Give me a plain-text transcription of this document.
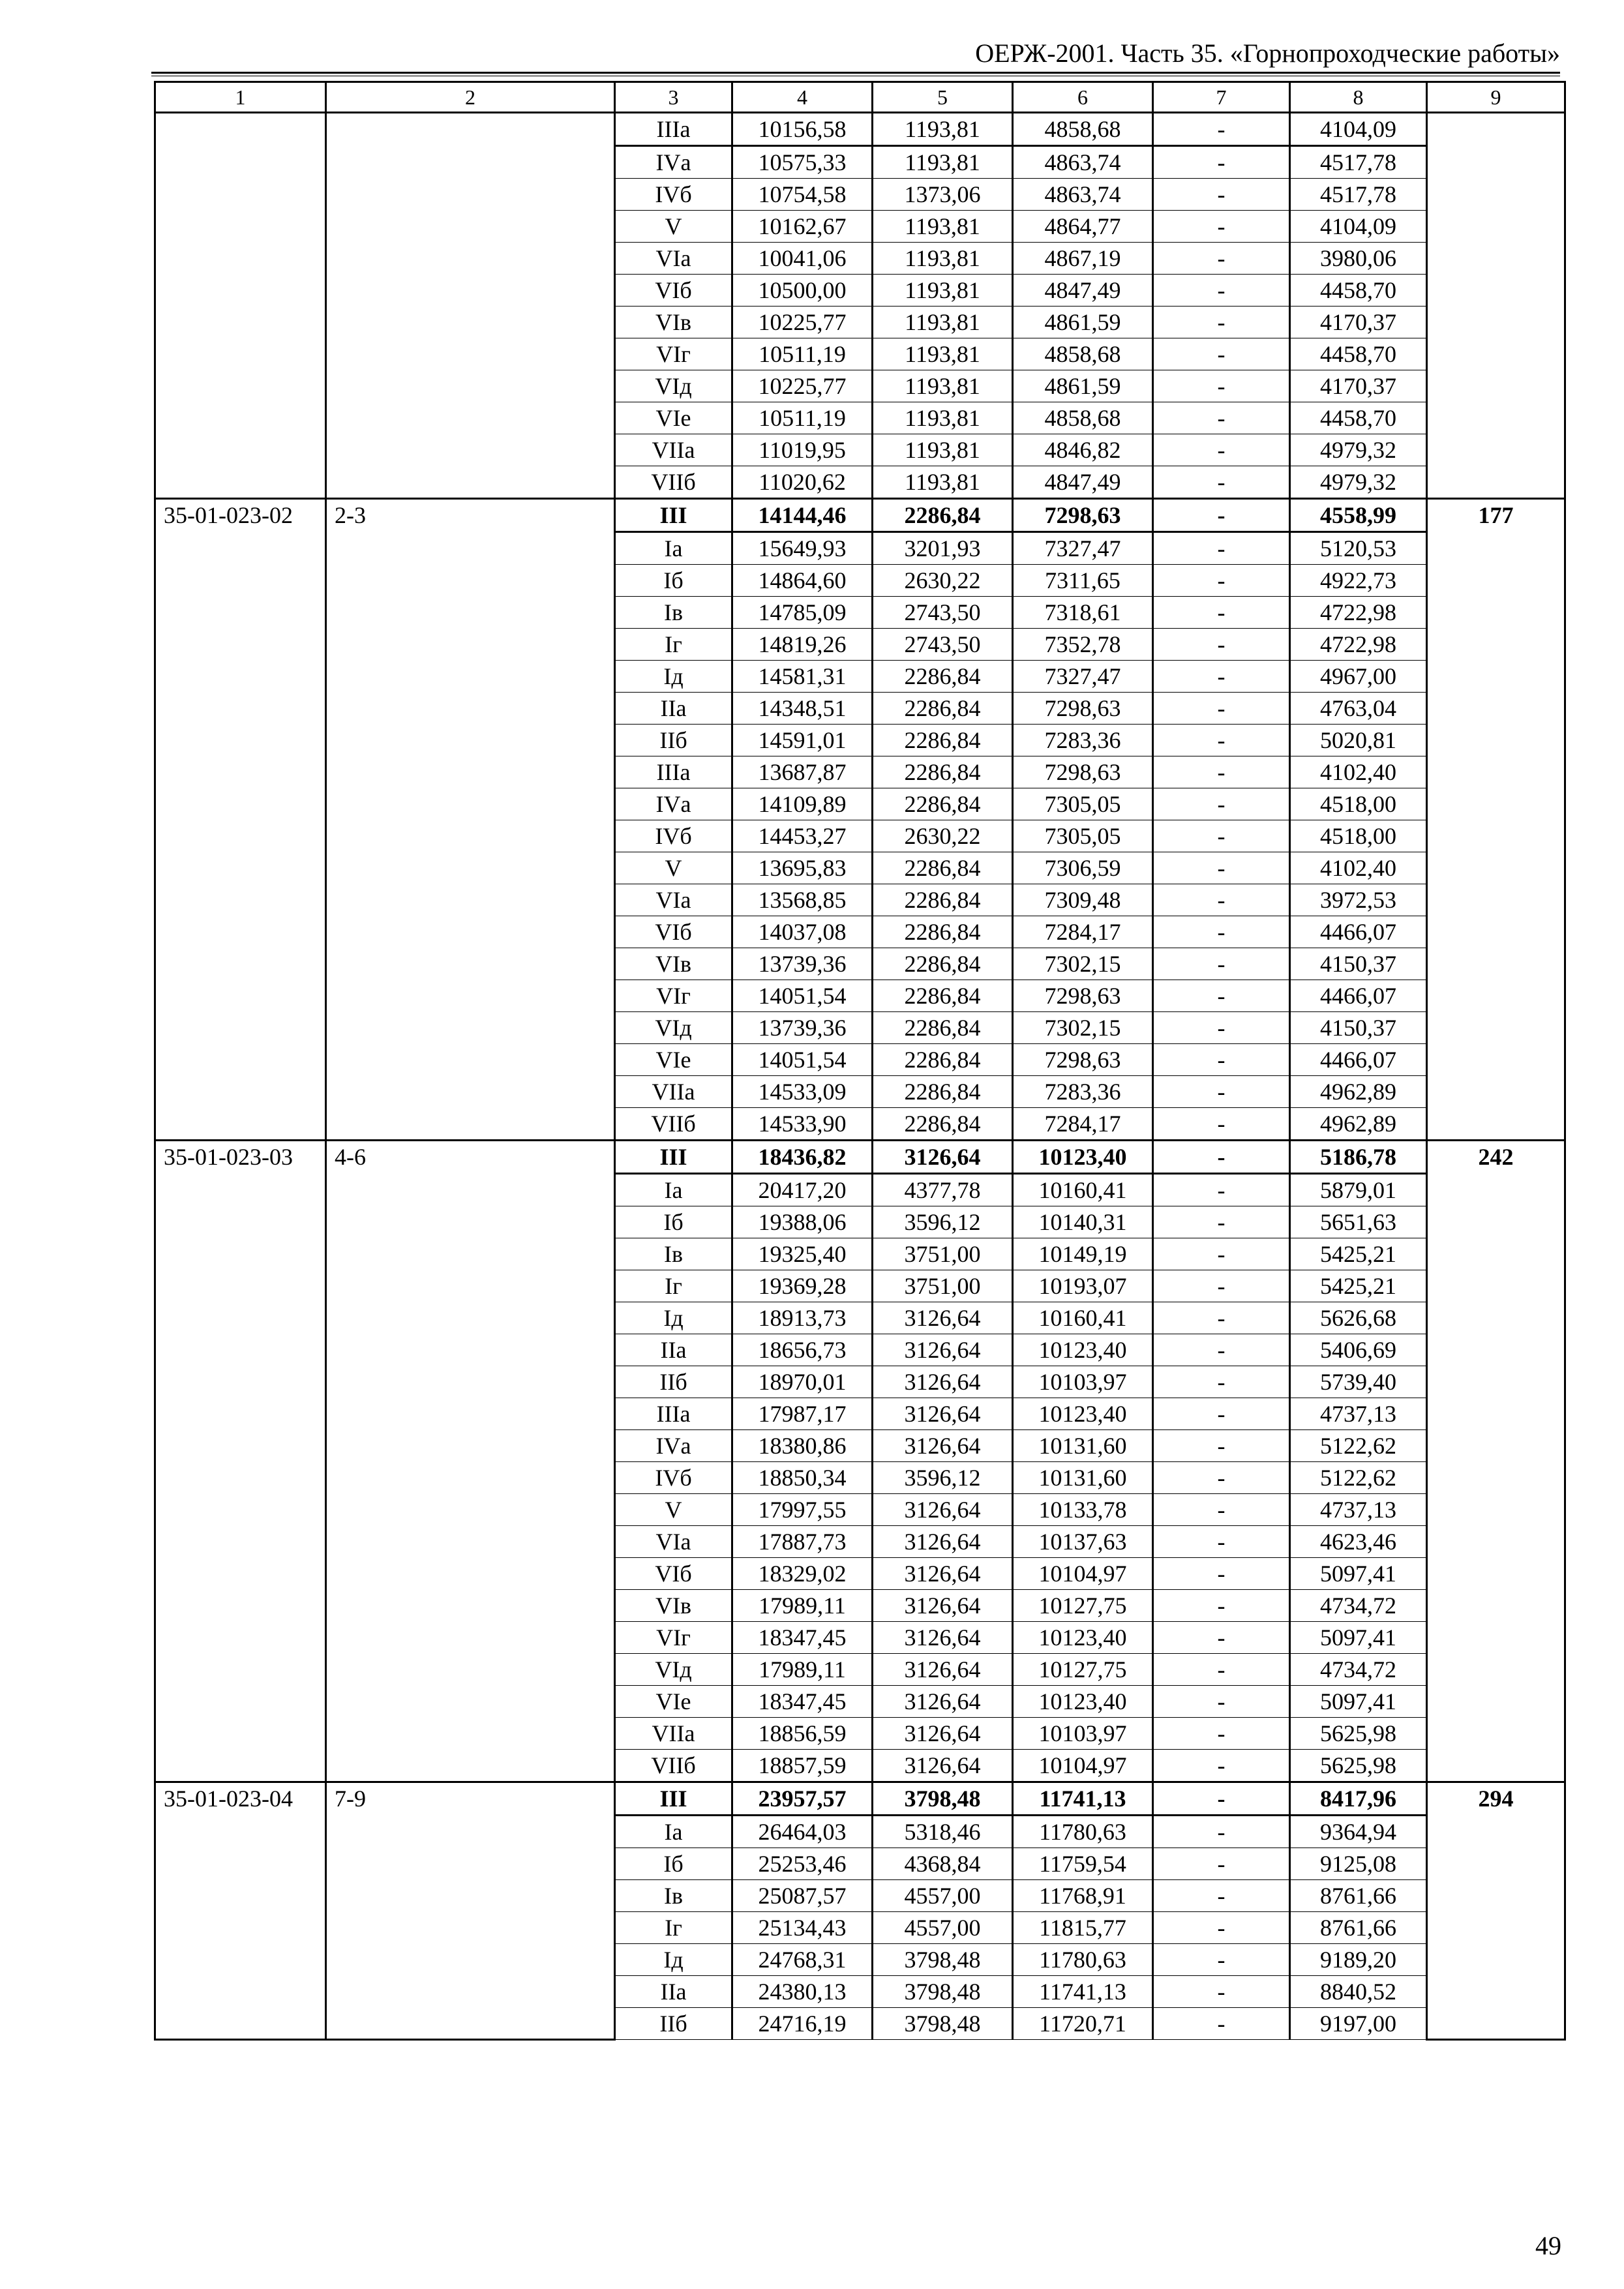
ОЕРЖ-2001. Часть 35. «Горнопроходческие работы»
1	2	3	4	5	6	7	8	9
		IIIа	10156,58	1193,81	4858,68	-	4104,09	
		IVа	10575,33	1193,81	4863,74	-	4517,78	
		IVб	10754,58	1373,06	4863,74	-	4517,78	
		V	10162,67	1193,81	4864,77	-	4104,09	
		VIа	10041,06	1193,81	4867,19	-	3980,06	
		VIб	10500,00	1193,81	4847,49	-	4458,70	
		VIв	10225,77	1193,81	4861,59	-	4170,37	
		VIг	10511,19	1193,81	4858,68	-	4458,70	
		VIд	10225,77	1193,81	4861,59	-	4170,37	
		VIе	10511,19	1193,81	4858,68	-	4458,70	
		VIIа	11019,95	1193,81	4846,82	-	4979,32	
		VIIб	11020,62	1193,81	4847,49	-	4979,32	
35-01-023-02	2-3	III	14144,46	2286,84	7298,63	-	4558,99	177
		Iа	15649,93	3201,93	7327,47	-	5120,53	
		Iб	14864,60	2630,22	7311,65	-	4922,73	
		Iв	14785,09	2743,50	7318,61	-	4722,98	
		Iг	14819,26	2743,50	7352,78	-	4722,98	
		Iд	14581,31	2286,84	7327,47	-	4967,00	
		IIа	14348,51	2286,84	7298,63	-	4763,04	
		IIб	14591,01	2286,84	7283,36	-	5020,81	
		IIIа	13687,87	2286,84	7298,63	-	4102,40	
		IVа	14109,89	2286,84	7305,05	-	4518,00	
		IVб	14453,27	2630,22	7305,05	-	4518,00	
		V	13695,83	2286,84	7306,59	-	4102,40	
		VIа	13568,85	2286,84	7309,48	-	3972,53	
		VIб	14037,08	2286,84	7284,17	-	4466,07	
		VIв	13739,36	2286,84	7302,15	-	4150,37	
		VIг	14051,54	2286,84	7298,63	-	4466,07	
		VIд	13739,36	2286,84	7302,15	-	4150,37	
		VIе	14051,54	2286,84	7298,63	-	4466,07	
		VIIа	14533,09	2286,84	7283,36	-	4962,89	
		VIIб	14533,90	2286,84	7284,17	-	4962,89	
35-01-023-03	4-6	III	18436,82	3126,64	10123,40	-	5186,78	242
		Iа	20417,20	4377,78	10160,41	-	5879,01	
		Iб	19388,06	3596,12	10140,31	-	5651,63	
		Iв	19325,40	3751,00	10149,19	-	5425,21	
		Iг	19369,28	3751,00	10193,07	-	5425,21	
		Iд	18913,73	3126,64	10160,41	-	5626,68	
		IIа	18656,73	3126,64	10123,40	-	5406,69	
		IIб	18970,01	3126,64	10103,97	-	5739,40	
		IIIа	17987,17	3126,64	10123,40	-	4737,13	
		IVа	18380,86	3126,64	10131,60	-	5122,62	
		IVб	18850,34	3596,12	10131,60	-	5122,62	
		V	17997,55	3126,64	10133,78	-	4737,13	
		VIа	17887,73	3126,64	10137,63	-	4623,46	
		VIб	18329,02	3126,64	10104,97	-	5097,41	
		VIв	17989,11	3126,64	10127,75	-	4734,72	
		VIг	18347,45	3126,64	10123,40	-	5097,41	
		VIд	17989,11	3126,64	10127,75	-	4734,72	
		VIе	18347,45	3126,64	10123,40	-	5097,41	
		VIIа	18856,59	3126,64	10103,97	-	5625,98	
		VIIб	18857,59	3126,64	10104,97	-	5625,98	
35-01-023-04	7-9	III	23957,57	3798,48	11741,13	-	8417,96	294
		Iа	26464,03	5318,46	11780,63	-	9364,94	
		Iб	25253,46	4368,84	11759,54	-	9125,08	
		Iв	25087,57	4557,00	11768,91	-	8761,66	
		Iг	25134,43	4557,00	11815,77	-	8761,66	
		Iд	24768,31	3798,48	11780,63	-	9189,20	
		IIа	24380,13	3798,48	11741,13	-	8840,52	
		IIб	24716,19	3798,48	11720,71	-	9197,00	
49
